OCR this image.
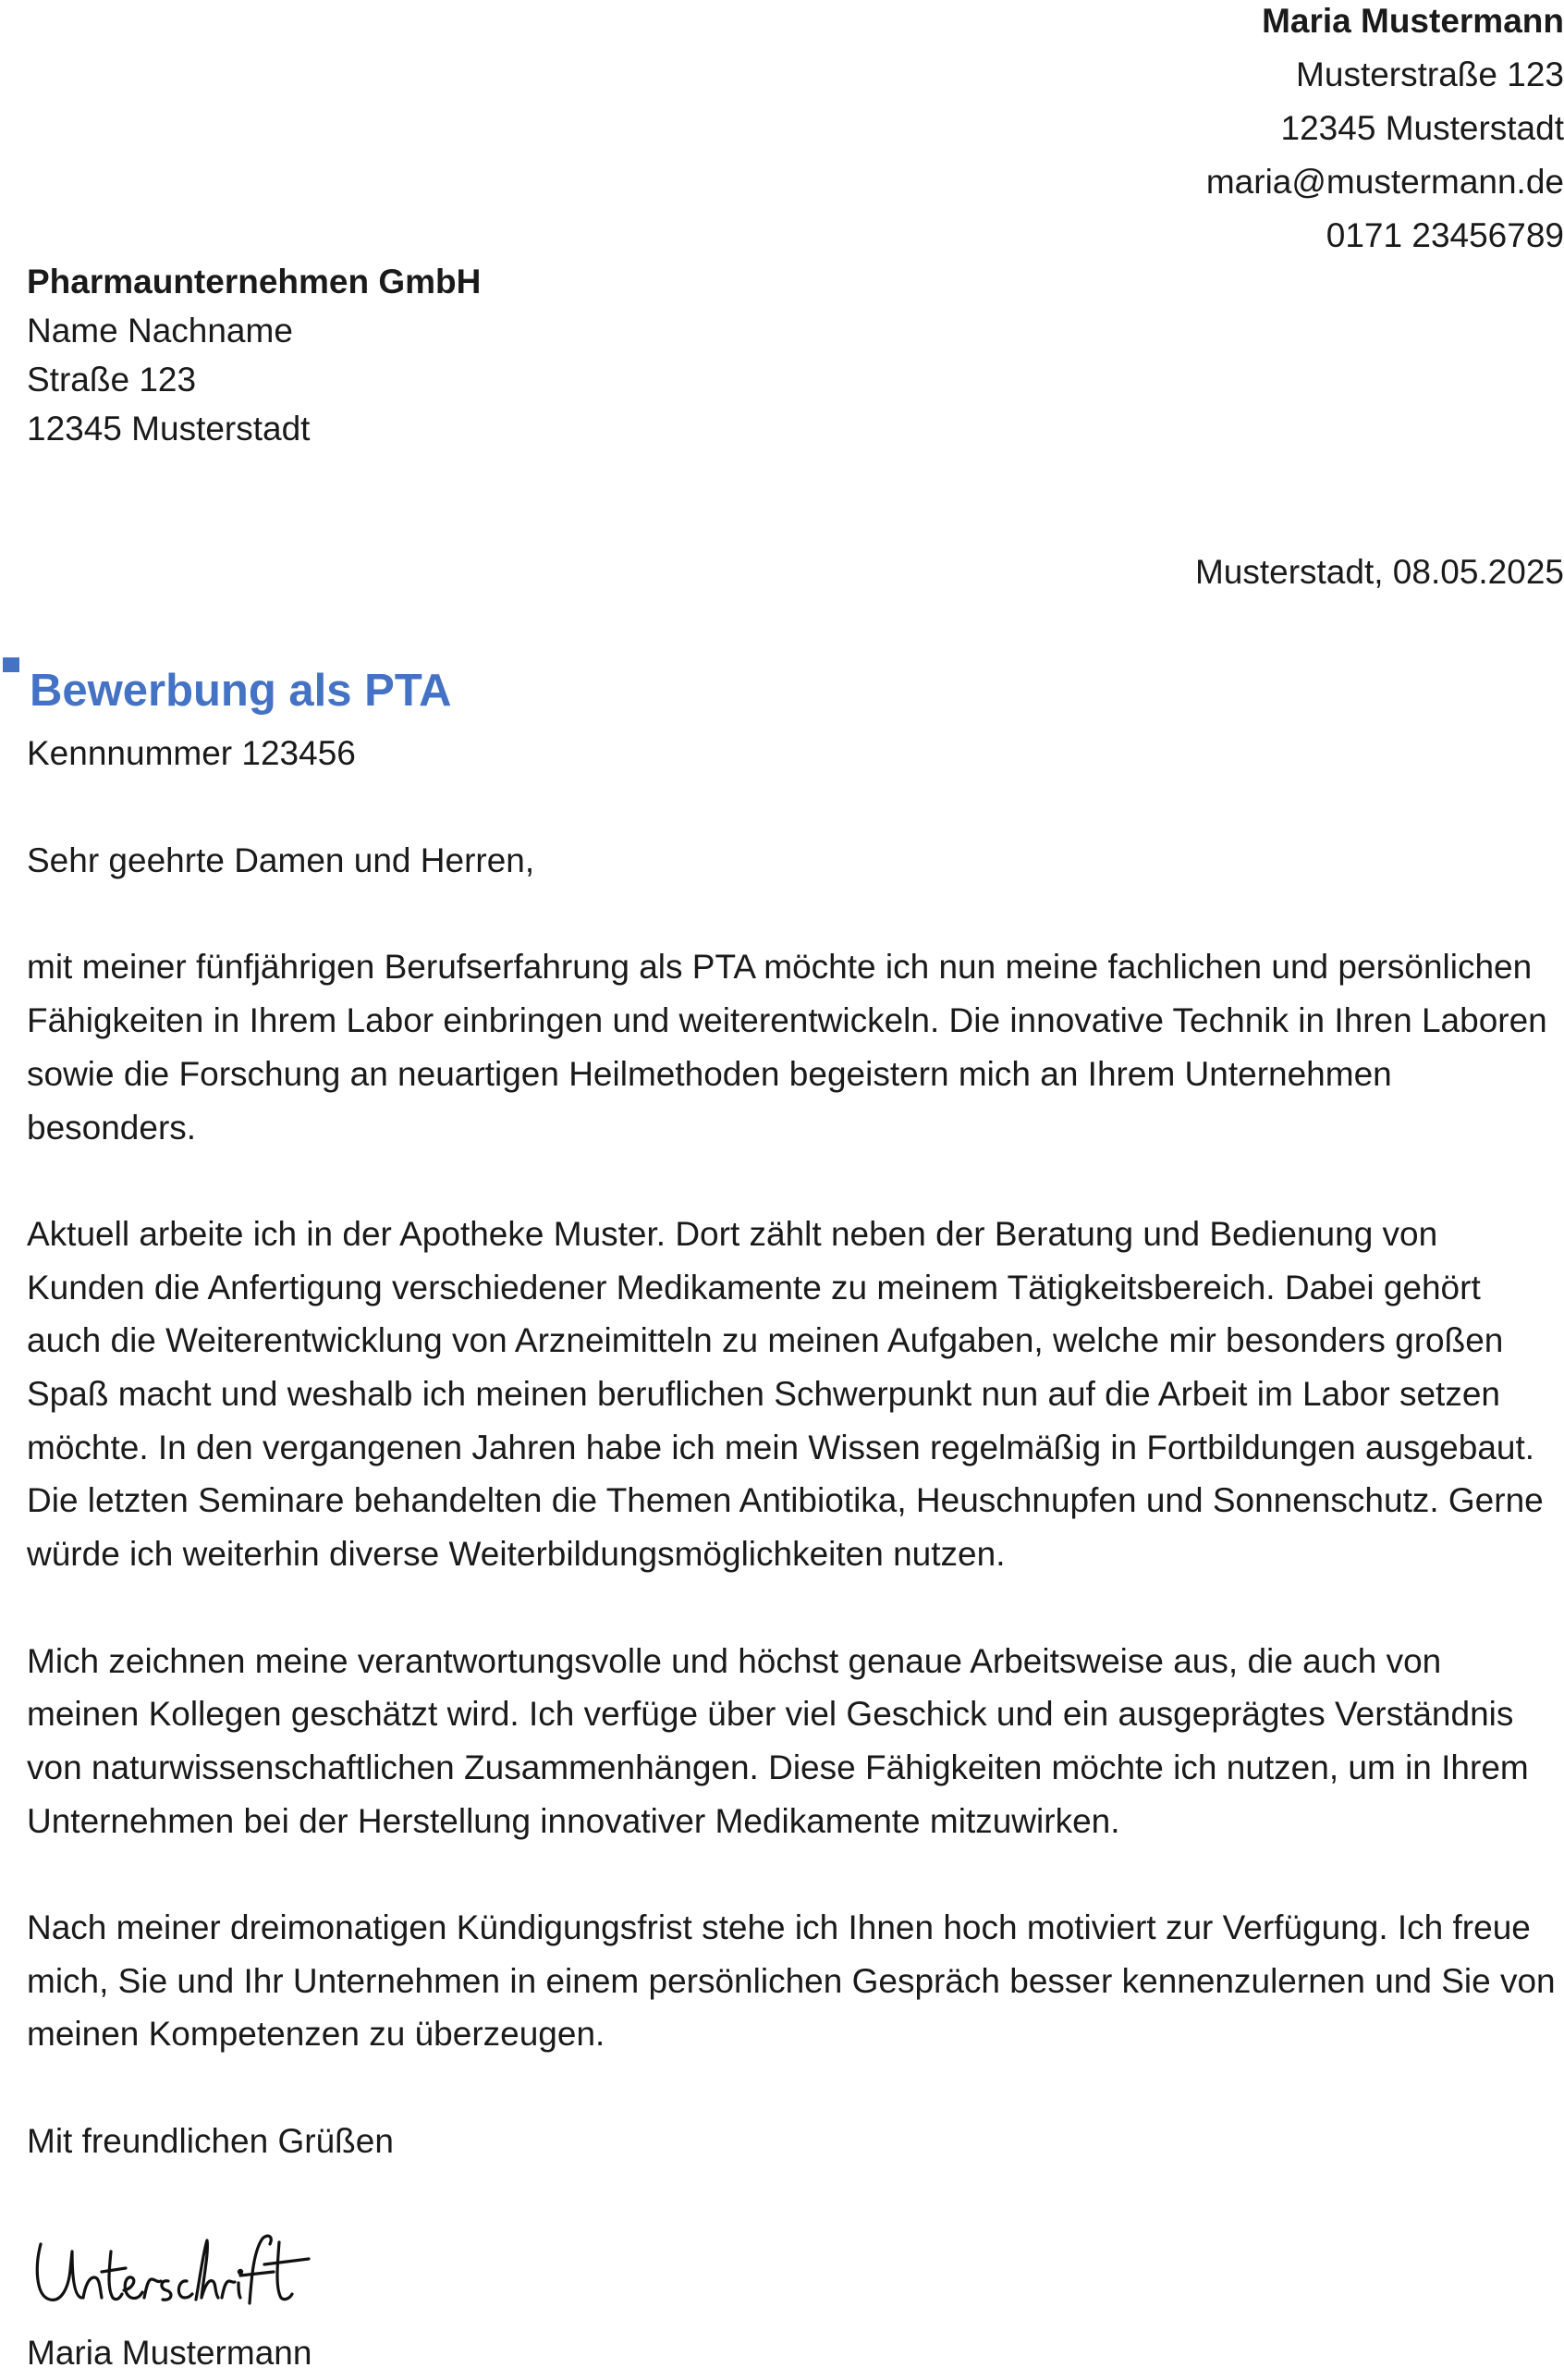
Maria Mustermann
Musterstraße 123
12345 Musterstadt
maria@mustermann.de
0171 23456789
Pharmaunternehmen GmbH
Name Nachname
Straße 123
12345 Musterstadt
Musterstadt, 08.05.2025
Bewerbung als PTA
Kennnummer 123456

Sehr geehrte Damen und Herren,

mit meiner fünfjährigen Berufserfahrung als PTA möchte ich nun meine fachlichen und persönlichen Fähigkeiten in Ihrem Labor einbringen und weiterentwickeln. Die innovative Technik in Ihren Laboren sowie die Forschung an neuartigen Heilmethoden begeistern mich an Ihrem Unternehmen besonders.

Aktuell arbeite ich in der Apotheke Muster. Dort zählt neben der Beratung und Bedienung von Kunden die Anfertigung verschiedener Medikamente zu meinem Tätigkeitsbereich. Dabei gehört auch die Weiterentwicklung von Arzneimitteln zu meinen Aufgaben, welche mir besonders großen Spaß macht und weshalb ich meinen beruflichen Schwerpunkt nun auf die Arbeit im Labor setzen möchte. In den vergangenen Jahren habe ich mein Wissen regelmäßig in Fortbildungen ausgebaut. Die letzten Seminare behandelten die Themen Antibiotika, Heuschnupfen und Sonnenschutz. Gerne würde ich weiterhin diverse Weiterbildungsmöglichkeiten nutzen.

Mich zeichnen meine verantwortungsvolle und höchst genaue Arbeitsweise aus, die auch von meinen Kollegen geschätzt wird. Ich verfüge über viel Geschick und ein ausgeprägtes Verständnis von naturwissenschaftlichen Zusammenhängen. Diese Fähigkeiten möchte ich nutzen, um in Ihrem Unternehmen bei der Herstellung innovativer Medikamente mitzuwirken.

Nach meiner dreimonatigen Kündigungsfrist stehe ich Ihnen hoch motiviert zur Verfügung. Ich freue mich, Sie und Ihr Unternehmen in einem persönlichen Gespräch besser kennenzulernen und Sie von meinen Kompetenzen zu überzeugen.

Mit freundlichen Grüßen

Maria Mustermann
